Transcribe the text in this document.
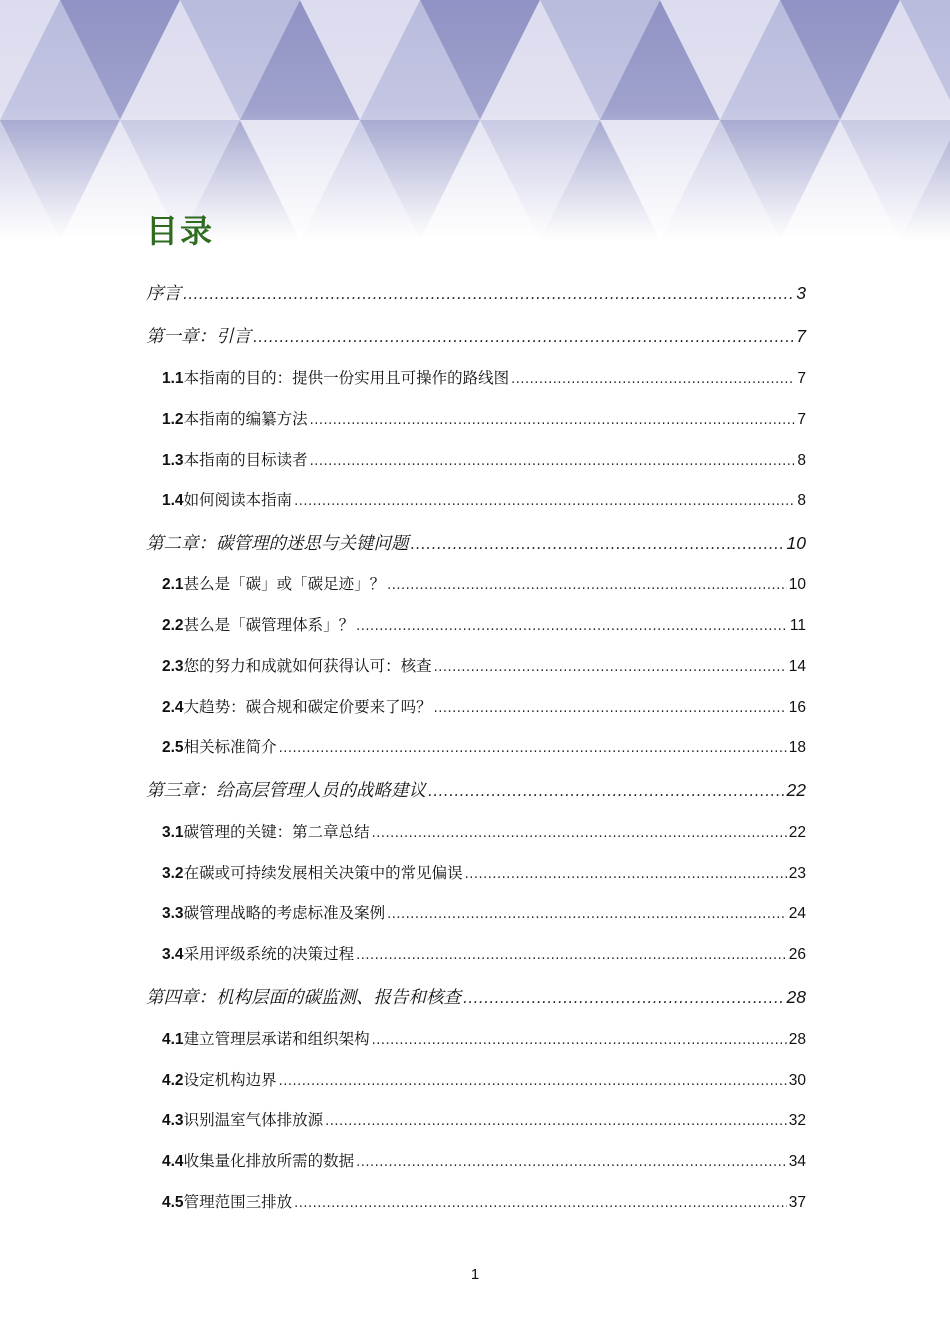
目录
序言 .....	3
第一章：引言 .....	7
1.1 本指南的目的：提供一份实用且可操作的路线图 .....	7
1.2 本指南的编纂方法 .....	7
1.3 本指南的目标读者 .....	8
1.4 如何阅读本指南 .....	8
第二章：碳管理的迷思与关键问题 .....	10
2.1 甚么是「碳」或「碳足迹」？ .....	10
2.2 甚么是「碳管理体系」？ .....	11
2.3 您的努力和成就如何获得认可：核查 .....	14
2.4 大趋势：碳合规和碳定价要来了吗？ .....	16
2.5 相关标准简介 .....	18
第三章：给高层管理人员的战略建议 .....	22
3.1 碳管理的关键：第二章总结 .....	22
3.2 在碳或可持续发展相关决策中的常见偏误 .....	23
3.3 碳管理战略的考虑标准及案例 .....	24
3.4 采用评级系统的决策过程 .....	26
第四章：机构层面的碳监测、报告和核查 .....	28
4.1 建立管理层承诺和组织架构 .....	28
4.2 设定机构边界 .....	30
4.3 识别温室气体排放源 .....	32
4.4 收集量化排放所需的数据 .....	34
4.5 管理范围三排放 .....	37
1
